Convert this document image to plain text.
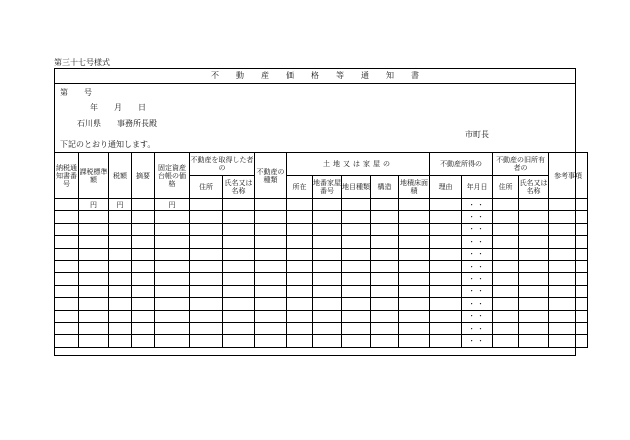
第三十七号様式
不動産価格等通知書
第　　号
年　　月　　日
石川県 事務所長殿
市町長
下記のとおり通知します。
納税通知書番号	課税標準額	税額	摘要	固定資産台帳の価格	不動産を取得した者の		不動産の種類	土地又は家屋の					不動産所得の		不動産の旧所有者の		参考事項
					住所	氏名又は名称		所在	地番家屋番号	地目種類	構造	地積床面積	理由	年月日	住所	氏名又は名称	
	円	円		円										・・			
														・・			
														・・			
														・・			
														・・			
														・・			
														・・			
														・・			
														・・			
														・・			
														・・			
														・・			
